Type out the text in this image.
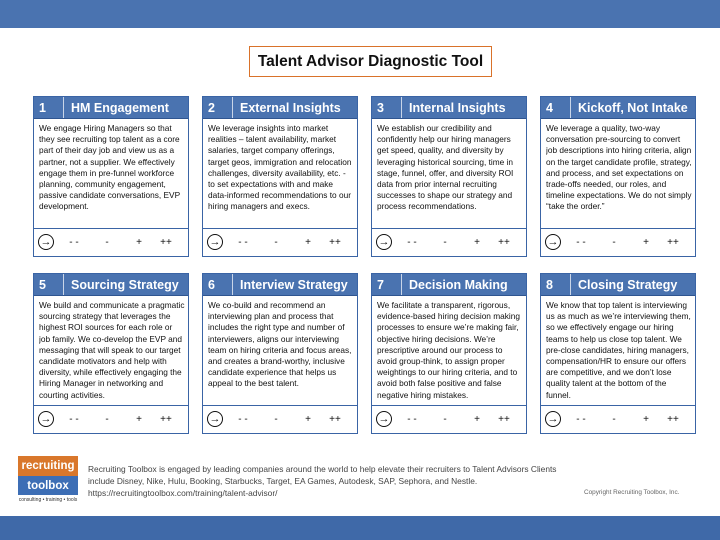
Talent Advisor Diagnostic Tool
1	HM Engagement
We engage Hiring Managers so that they see recruiting top talent as a core part of their day job and view us as a partner, not a supplier. We effectively engage them in pre-funnel workforce planning, community engagement, passive candidate conversations, EVP development.
→	- -	-	+	++
2	External Insights
We leverage insights into market realities – talent availability, market salaries, target company offerings, target geos, immigration and relocation challenges, diversity availability, etc. - to set expectations with and make data-informed recommendations to our hiring managers and execs.
→	- -	-	+	++
3	Internal Insights
We establish our credibility and confidently help our hiring managers get speed, quality, and diversity by leveraging historical sourcing, time in stage, funnel, offer, and diversity ROI data from prior internal recruiting successes to shape our strategy and process recommendations.
→	- -	-	+	++
4	Kickoff, Not Intake
We leverage a quality, two-way conversation pre-sourcing to convert job descriptions into hiring criteria, align on the target candidate profile, strategy, and process, and set expectations on trade-offs needed, our roles, and timeline expectations. We do not simply “take the order.”
→	- -	-	+	++
5	Sourcing Strategy
We build and communicate a pragmatic sourcing strategy that leverages the highest ROI sources for each role or job family. We co-develop the EVP and messaging that will speak to our target candidate motivators and help with diversity, while effectively engaging the Hiring Manager in networking and courting activities.
→	- -	-	+	++
6	Interview Strategy
We co-build and recommend an interviewing plan and process that includes the right type and number of interviewers, aligns our interviewing team on hiring criteria and focus areas, and creates a brand-worthy, inclusive candidate experience that helps us appeal to the best talent.
→	- -	-	+	++
7	Decision Making
We facilitate a transparent, rigorous, evidence-based hiring decision making processes to ensure we’re making fair, objective hiring decisions. We’re prescriptive around our process to avoid group-think, to assign proper weightings to our hiring criteria, and to avoid both false positive and false negative hiring mistakes.
→	- -	-	+	++
8	Closing Strategy
We know that top talent is interviewing us as much as we’re interviewing them, so we effectively engage our hiring teams to help us close top talent. We pre-close candidates, hiring managers, compensation/HR to ensure our offers are competitive, and we don’t lose quality talent at the bottom of the funnel.
→	- -	-	+	++
recruiting
toolbox
consulting • training • tools
Recruiting Toolbox is engaged by leading companies around the world to help elevate their recruiters to Talent Advisors Clients include Disney, Nike, Hulu, Booking, Starbucks, Target, EA Games, Autodesk, SAP, Sephora, and Nestle. https://recruitingtoolbox.com/training/talent-advisor/	Copyright Recruiting Toolbox, Inc.
